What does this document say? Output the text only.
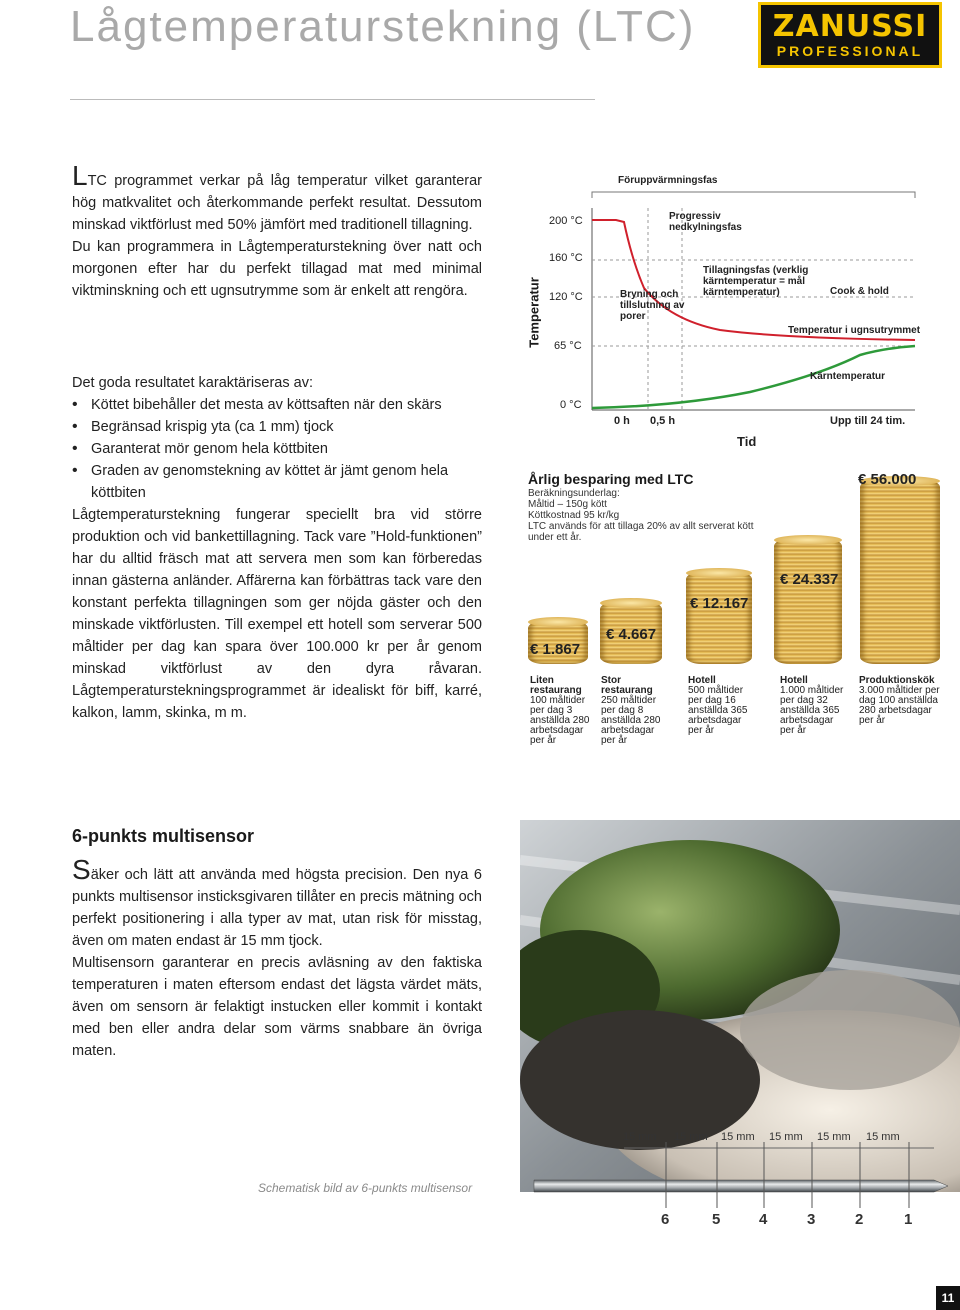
Lågtemperaturstekning (LTC)	ZANUSSI
PROFESSIONAL
LTC programmet verkar på låg temperatur vilket garanterar hög matkvalitet och återkommande perfekt resultat. Dessutom minskad viktförlust med 50% jämfört med traditionell tillagning.
Du kan programmera in Lågtemperaturstekning över natt och morgonen efter har du perfekt tillagad mat med minimal viktminskning och ett ugnsutrymme som är enkelt att rengöra.
Det goda resultatet karaktäriseras av:
• Köttet bibehåller det mesta av köttsaften när den skärs
• Begränsad krispig yta (ca 1 mm) tjock
• Garanterat mör genom hela köttbiten
• Graden av genomstekning av köttet är jämt genom hela köttbiten
Lågtemperaturstekning fungerar speciellt bra vid större produktion och vid bankettillagning. Tack vare ”Hold-funktionen” har du alltid fräsch mat att servera men som kan förberedas innan gästerna anländer. Affärerna kan förbättras tack vare den konstant perfekta tillagningen som ger nöjda gäster och den minskade viktförlusten. Till exempel ett hotell som serverar 500 måltider per dag kan spara över 100.000 kr per år genom minskad viktförlust av den dyra råvaran. Lågtemperaturstekningsprogrammet är idealiskt för biff, karré, kalkon, lamm, skinka, m m.
Temperatur
200 °C
160 °C
120 °C
65 °C
0 °C
Föruppvärmningsfas
Progressiv nedkylningsfas
Bryning och tillslutning av porer
Tillagningsfas (verklig kärntemperatur = mål kärntemperatur)	Cook & hold
Temperatur i ugnsutrymmet
Kärntemperatur
0 h 0,5 h	Upp till 24 tim.
Tid
Årlig besparing med LTC
Beräkningsunderlag:
Måltid – 150g kött
Köttkostnad 95 kr/kg
LTC används för att tillaga 20% av allt serverat kött under ett år.
€ 1.867
€ 4.667
€ 12.167
€ 24.337
€ 56.000
Liten restaurang
100 måltider per dag 3 anställda 280 arbetsdagar per år
Stor restaurang
250 måltider per dag 8 anställda 280 arbetsdagar per år
Hotell
500 måltider per dag 16 anställda 365 arbetsdagar per år
Hotell
1.000 måltider per dag 32 anställda 365 arbetsdagar per år
Produktionskök
3.000 måltider per dag 100 anställda 280 arbetsdagar per år
6-punkts multisensor
Säker och lätt att använda med högsta precision. Den nya 6 punkts multisensor insticksgivaren tillåter en precis mätning och perfekt positionering i alla typer av mat, utan risk för misstag, även om maten endast är 15 mm tjock.
Multisensorn garanterar en precis avläsning av den faktiska temperaturen i maten eftersom endast det lägsta värdet mäts, även om sensorn är felaktigt instucken eller kommit i kontakt med ben eller andra delar som värms snabbare än övriga maten.
15 mm
6
15 mm
5
15 mm
4
15 mm
3
15 mm
2
15 mm
1
Schematisk bild av 6-punkts multisensor
11
